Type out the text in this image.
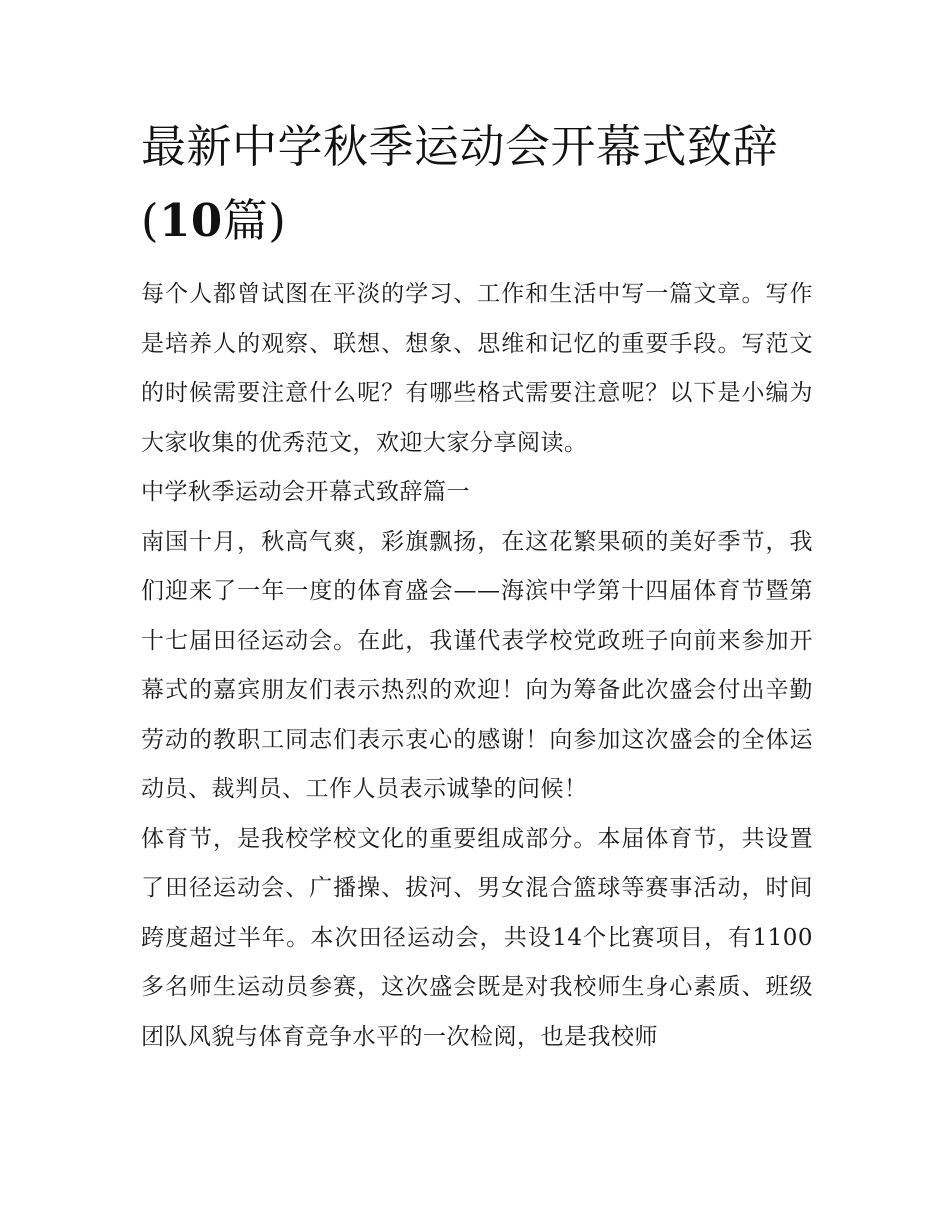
最新中学秋季运动会开幕式致辞(10篇)

每个人都曾试图在平淡的学习、工作和生活中写一篇文章。写作是培养人的观察、联想、想象、思维和记忆的重要手段。写范文的时候需要注意什么呢？有哪些格式需要注意呢？以下是小编为大家收集的优秀范文，欢迎大家分享阅读。

中学秋季运动会开幕式致辞篇一

南国十月，秋高气爽，彩旗飘扬，在这花繁果硕的美好季节，我们迎来了一年一度的体育盛会——海滨中学第十四届体育节暨第十七届田径运动会。在此，我谨代表学校党政班子向前来参加开幕式的嘉宾朋友们表示热烈的欢迎！向为筹备此次盛会付出辛勤劳动的教职工同志们表示衷心的感谢！向参加这次盛会的全体运动员、裁判员、工作人员表示诚挚的问候！

体育节，是我校学校文化的重要组成部分。本届体育节，共设置了田径运动会、广播操、拔河、男女混合篮球等赛事活动，时间跨度超过半年。本次田径运动会，共设14个比赛项目，有1100多名师生运动员参赛，这次盛会既是对我校师生身心素质、班级团队风貌与体育竞争水平的一次检阅，也是我校师
